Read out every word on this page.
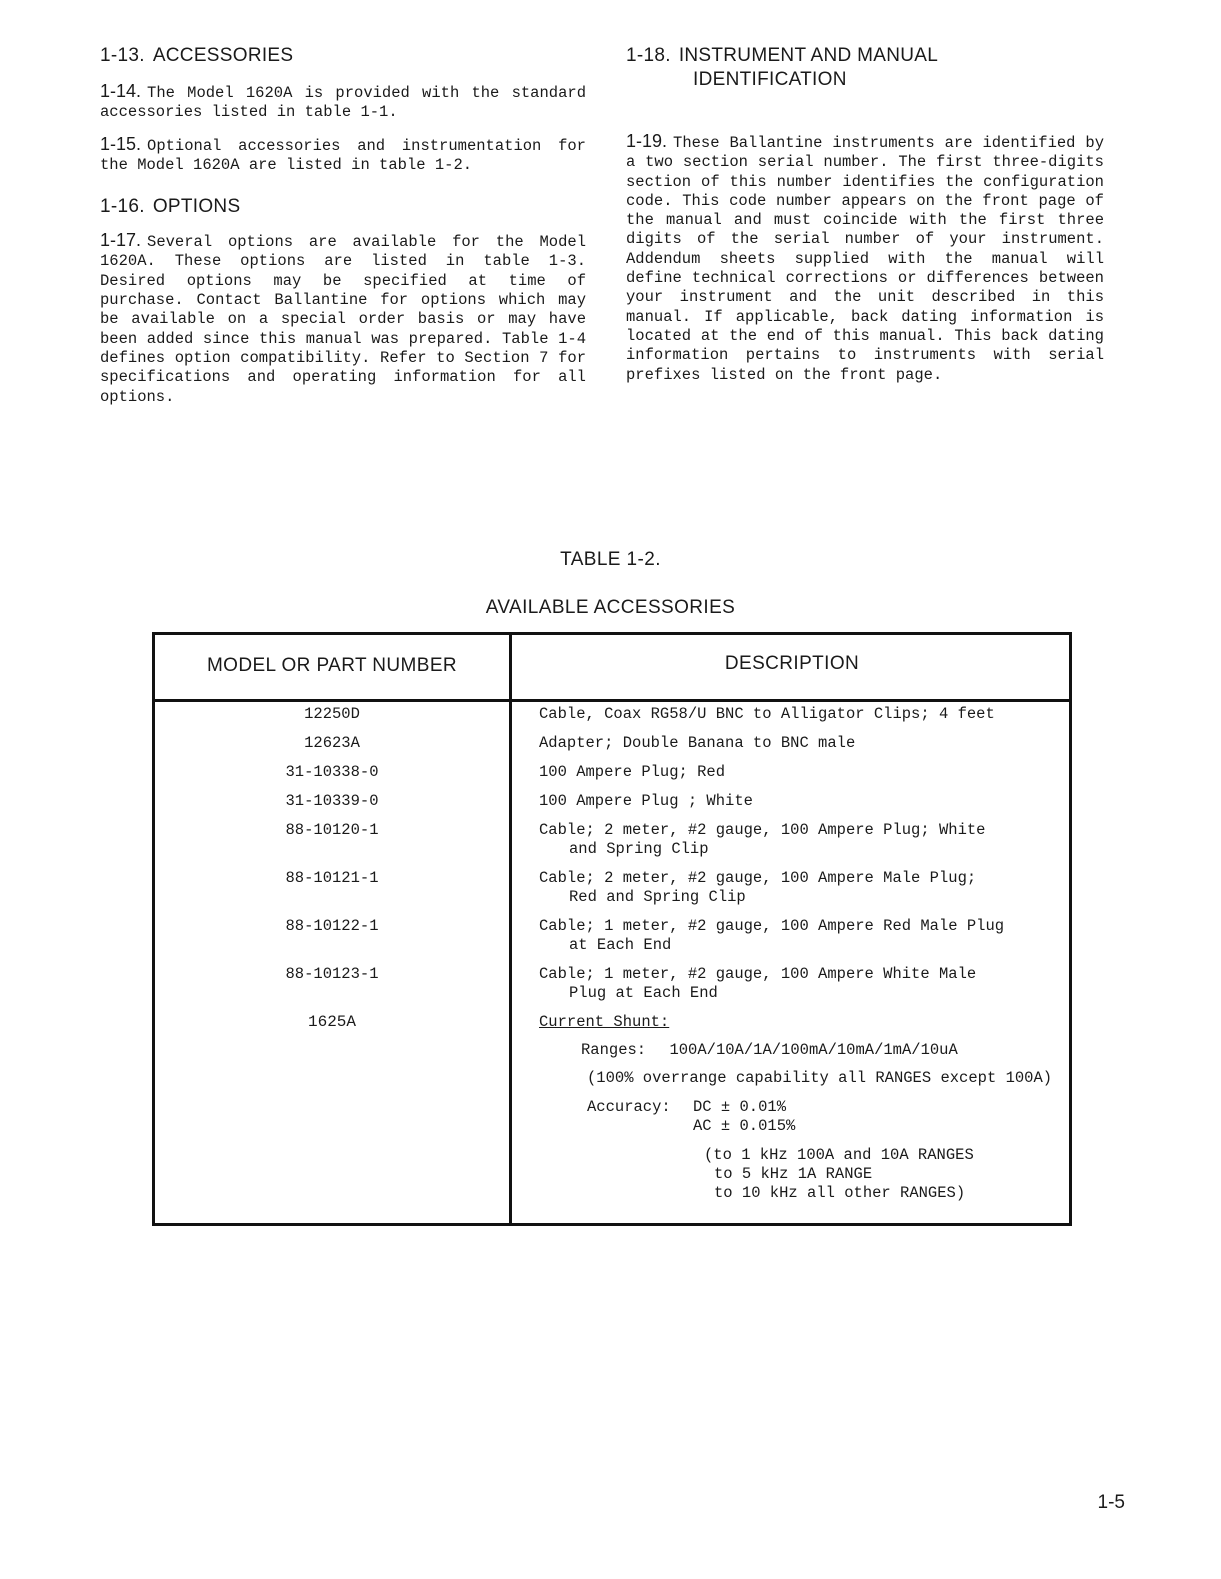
1-13. ACCESSORIES

1-14. The Model 1620A is provided with the standard accessories listed in table 1-1.

1-15. Optional accessories and instrumentation for the Model 1620A are listed in table 1-2.

1-16. OPTIONS

1-17. Several options are available for the Model 1620A. These options are listed in table 1-3. Desired options may be specified at time of purchase. Contact Ballantine for options which may be available on a special order basis or may have been added since this manual was prepared. Table 1-4 defines option compatibility. Refer to Section 7 for specifications and operating information for all options.

1-18. INSTRUMENT AND MANUAL
IDENTIFICATION

1-19. These Ballantine instruments are identified by a two section serial number. The first three-digits section of this number identifies the configuration code. This code number appears on the front page of the manual and must coincide with the first three digits of the serial number of your instrument. Addendum sheets supplied with the manual will define technical corrections or differences between your instrument and the unit described in this manual. If applicable, back dating information is located at the end of this manual. This back dating information pertains to instruments with serial prefixes listed on the front page.

TABLE 1-2.
AVAILABLE ACCESSORIES
MODEL OR PART NUMBER	DESCRIPTION
12250D	Cable, Coax RG58/U BNC to Alligator Clips; 4 feet
12623A	Adapter; Double Banana to BNC male
31-10338-0	100 Ampere Plug; Red
31-10339-0	100 Ampere Plug ; White
88-10120-1	Cable; 2 meter, #2 gauge, 100 Ampere Plug; White
and Spring Clip
88-10121-1	Cable; 2 meter, #2 gauge, 100 Ampere Male Plug;
Red and Spring Clip
88-10122-1	Cable; 1 meter, #2 gauge, 100 Ampere Red Male Plug
at Each End
88-10123-1	Cable; 1 meter, #2 gauge, 100 Ampere White Male
Plug at Each End
1625A	Current Shunt:
Ranges: 100A/10A/1A/100mA/10mA/1mA/10uA
(100% overrange capability all RANGES except 100A)
Accuracy: DC ± 0.01%
AC ± 0.015%
(to 1 kHz 100A and 10A RANGES
to 5 kHz 1A RANGE
to 10 kHz all other RANGES)
1-5
